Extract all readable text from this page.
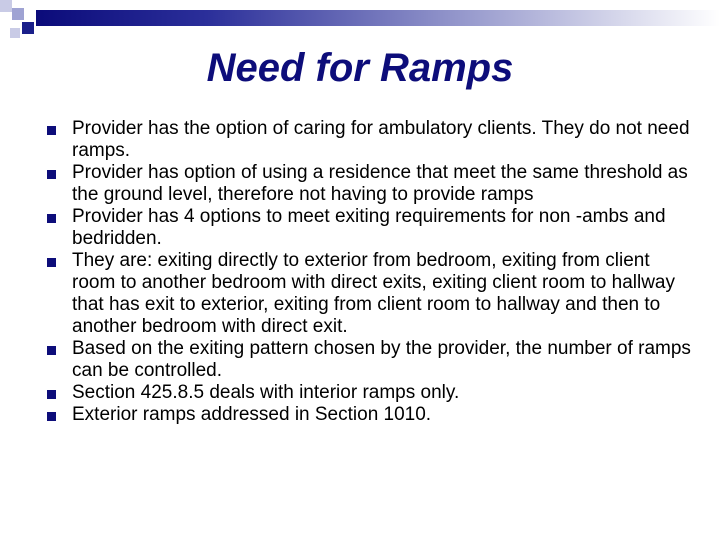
Need for Ramps
Provider has the option of caring for ambulatory clients. They do not need ramps.
Provider has option of using a residence that meet the same threshold as the ground level, therefore not having to provide ramps
Provider has 4 options to meet exiting requirements for non -ambs and bedridden.
They are: exiting directly to exterior from bedroom, exiting from client room to another bedroom with direct exits, exiting client room to hallway that has exit to exterior, exiting from client room to hallway and then to another bedroom with direct exit.
Based on the exiting pattern chosen by the provider, the number of ramps can be controlled.
Section 425.8.5 deals with interior ramps only.
Exterior ramps addressed in Section 1010.
